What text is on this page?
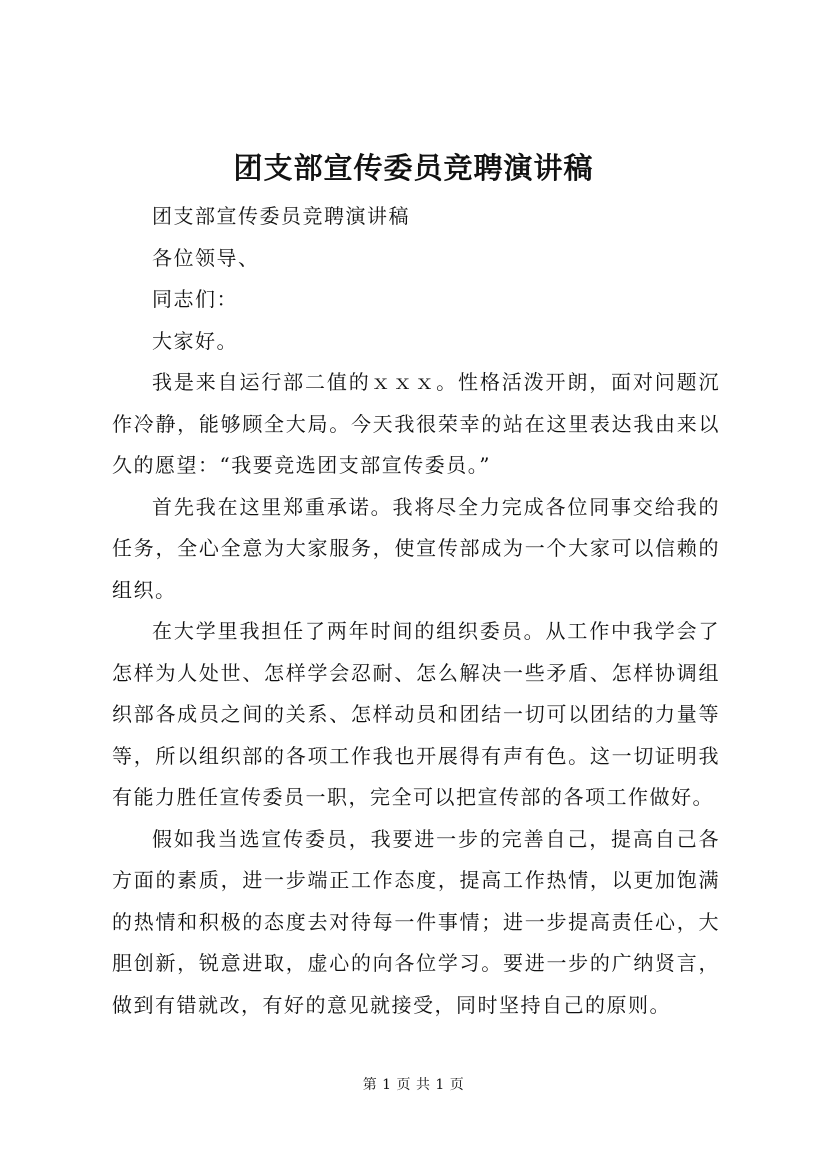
团支部宣传委员竞聘演讲稿

团支部宣传委员竞聘演讲稿

各位领导、

同志们：

大家好。

我是来自运行部二值的ｘｘｘ。性格活泼开朗，面对问题沉作冷静，能够顾全大局。今天我很荣幸的站在这里表达我由来以久的愿望：“我要竞选团支部宣传委员。”

首先我在这里郑重承诺。我将尽全力完成各位同事交给我的任务，全心全意为大家服务，使宣传部成为一个大家可以信赖的组织。

在大学里我担任了两年时间的组织委员。从工作中我学会了怎样为人处世、怎样学会忍耐、怎么解决一些矛盾、怎样协调组织部各成员之间的关系、怎样动员和团结一切可以团结的力量等等，所以组织部的各项工作我也开展得有声有色。这一切证明我有能力胜任宣传委员一职，完全可以把宣传部的各项工作做好。

假如我当选宣传委员，我要进一步的完善自己，提高自己各方面的素质，进一步端正工作态度，提高工作热情，以更加饱满的热情和积极的态度去对待每一件事情；进一步提高责任心，大胆创新，锐意进取，虚心的向各位学习。要进一步的广纳贤言，做到有错就改，有好的意见就接受，同时坚持自己的原则。

第 1 页 共 1 页
